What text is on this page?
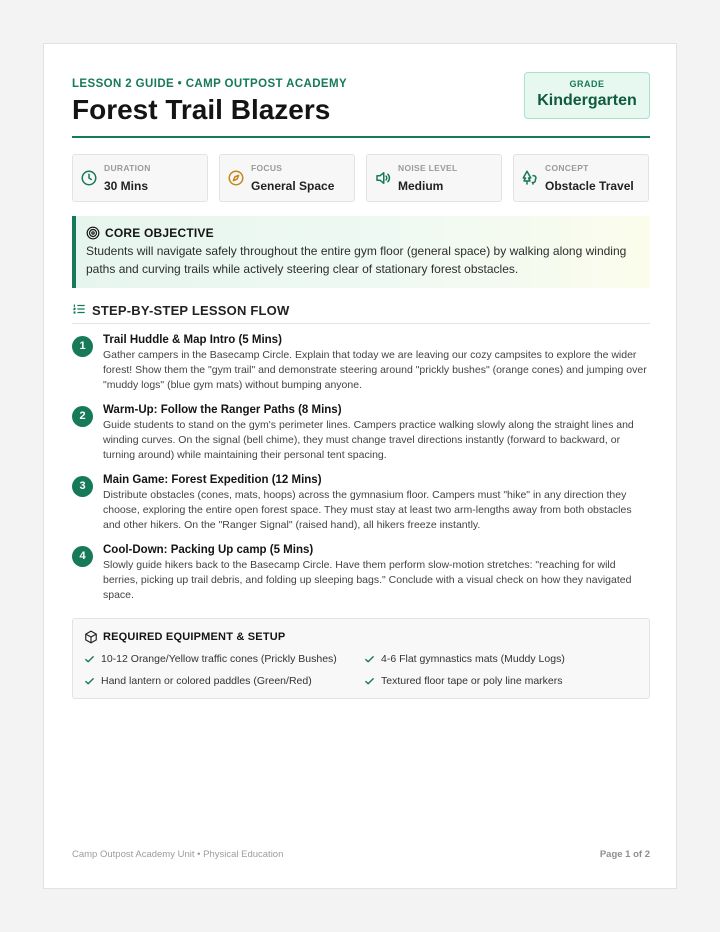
LESSON 2 GUIDE • CAMP OUTPOST ACADEMY
Forest Trail Blazers
GRADE
Kindergarten
DURATION
30 Mins
FOCUS
General Space
NOISE LEVEL
Medium
CONCEPT
Obstacle Travel
CORE OBJECTIVE
Students will navigate safely throughout the entire gym floor (general space) by walking along winding paths and curving trails while actively steering clear of stationary forest obstacles.
STEP-BY-STEP LESSON FLOW
1	Trail Huddle & Map Intro (5 Mins)
Gather campers in the Basecamp Circle. Explain that today we are leaving our cozy campsites to explore the wider forest! Show them the "gym trail" and demonstrate steering around "prickly bushes" (orange cones) and jumping over "muddy logs" (blue gym mats) without bumping anyone.
2	Warm-Up: Follow the Ranger Paths (8 Mins)
Guide students to stand on the gym's perimeter lines. Campers practice walking slowly along the straight lines and winding curves. On the signal (bell chime), they must change travel directions instantly (forward to backward, or turning around) while maintaining their personal tent spacing.
3	Main Game: Forest Expedition (12 Mins)
Distribute obstacles (cones, mats, hoops) across the gymnasium floor. Campers must "hike" in any direction they choose, exploring the entire open forest space. They must stay at least two arm-lengths away from both obstacles and other hikers. On the "Ranger Signal" (raised hand), all hikers freeze instantly.
4	Cool-Down: Packing Up camp (5 Mins)
Slowly guide hikers back to the Basecamp Circle. Have them perform slow-motion stretches: "reaching for wild berries, picking up trail debris, and folding up sleeping bags." Conclude with a visual check on how they navigated space.
REQUIRED EQUIPMENT & SETUP
10-12 Orange/Yellow traffic cones (Prickly Bushes)	4-6 Flat gymnastics mats (Muddy Logs)
Hand lantern or colored paddles (Green/Red)	Textured floor tape or poly line markers
Camp Outpost Academy Unit • Physical Education	Page 1 of 2
